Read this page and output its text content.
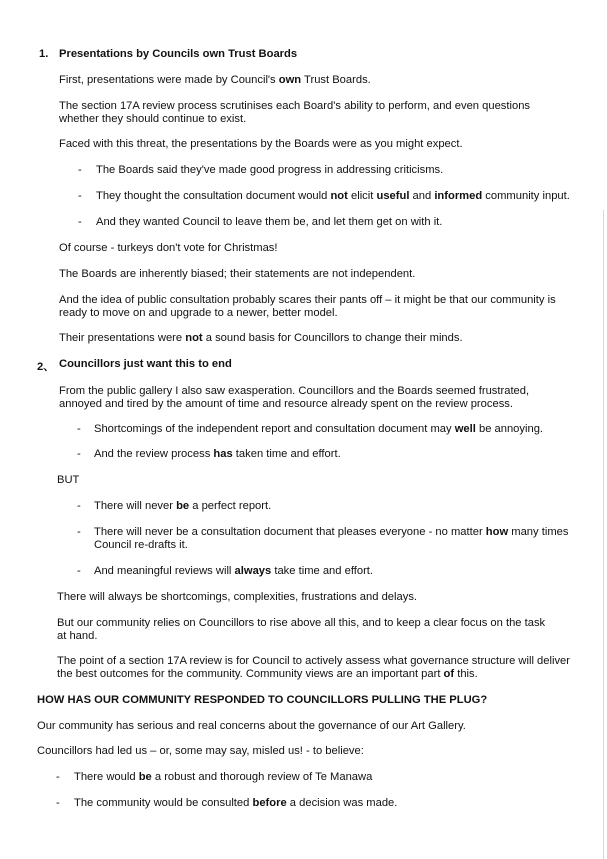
1. Presentations by Councils own Trust Boards
First, presentations were made by Council's own Trust Boards.
The section 17A review process scrutinises each Board's ability to perform, and even questions whether they should continue to exist.
Faced with this threat, the presentations by the Boards were as you might expect.
- The Boards said they've made good progress in addressing criticisms.
- They thought the consultation document would not elicit useful and informed community input.
- And they wanted Council to leave them be, and let them get on with it.
Of course - turkeys don't vote for Christmas!
The Boards are inherently biased; their statements are not independent.
And the idea of public consultation probably scares their pants off – it might be that our community is ready to move on and upgrade to a newer, better model.
Their presentations were not a sound basis for Councillors to change their minds.
2、 Councillors just want this to end
From the public gallery I also saw exasperation. Councillors and the Boards seemed frustrated, annoyed and tired by the amount of time and resource already spent on the review process.
- Shortcomings of the independent report and consultation document may well be annoying.
- And the review process has taken time and effort.
BUT
- There will never be a perfect report.
- There will never be a consultation document that pleases everyone - no matter how many times Council re-drafts it.
- And meaningful reviews will always take time and effort.
There will always be shortcomings, complexities, frustrations and delays.
But our community relies on Councillors to rise above all this, and to keep a clear focus on the task at hand.
The point of a section 17A review is for Council to actively assess what governance structure will deliver the best outcomes for the community. Community views are an important part of this.
HOW HAS OUR COMMUNITY RESPONDED TO COUNCILLORS PULLING THE PLUG?
Our community has serious and real concerns about the governance of our Art Gallery.
Councillors had led us – or, some may say, misled us! - to believe:
- There would be a robust and thorough review of Te Manawa
- The community would be consulted before a decision was made.
